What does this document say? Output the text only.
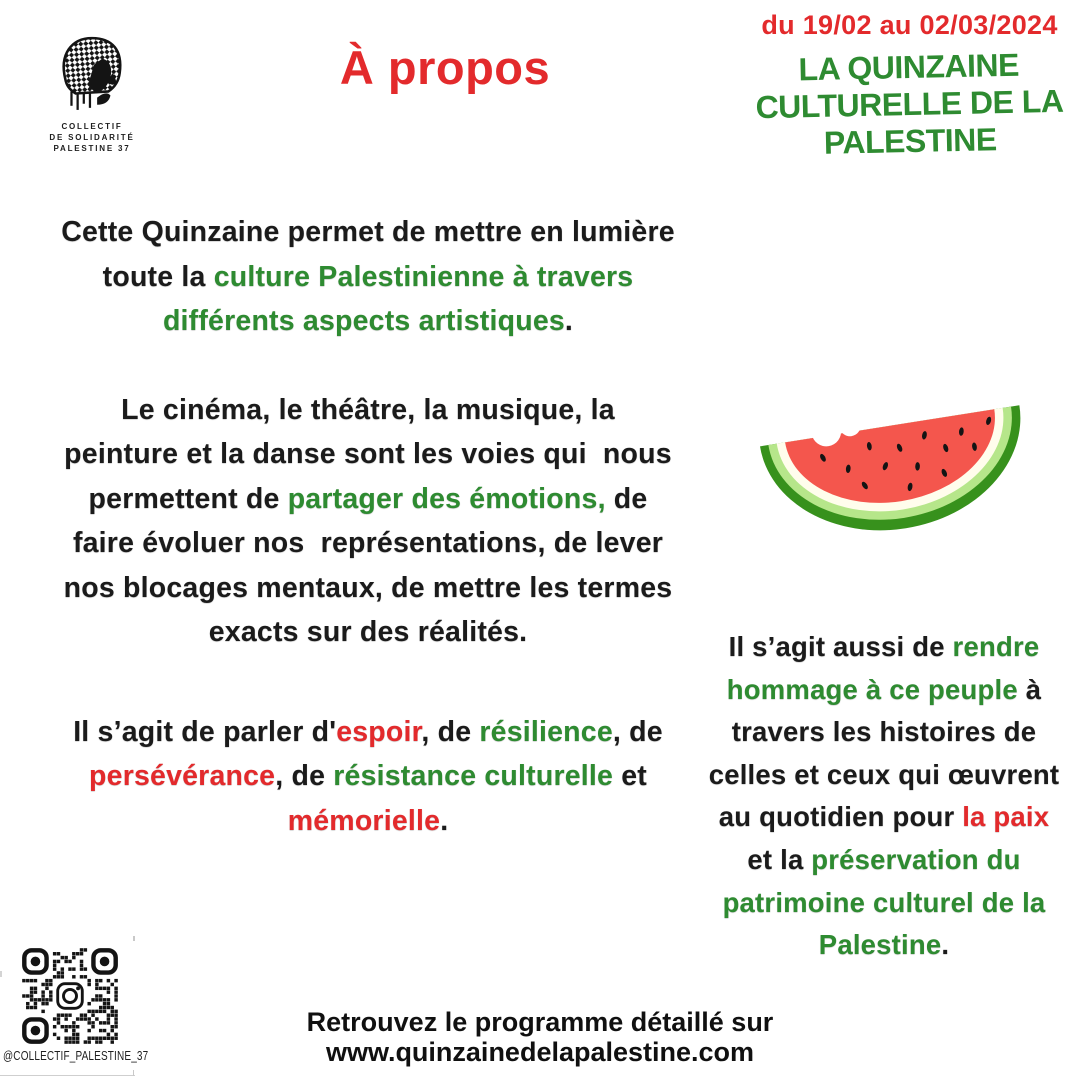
COLLECTIF
DE SOLIDARITÉ
PALESTINE 37
À propos
du 19/02 au 02/03/2024
LA QUINZAINE
CULTURELLE DE LA
PALESTINE
Cette Quinzaine permet de mettre en lumière
toute la culture Palestinienne à travers
différents aspects artistiques.
Le cinéma, le théâtre, la musique, la
peinture et la danse sont les voies qui  nous
permettent de partager des émotions, de
faire évoluer nos  représentations, de lever
nos blocages mentaux, de mettre les termes
exacts sur des réalités.
Il s’agit de parler d'espoir, de résilience, de
persévérance, de résistance culturelle et
mémorielle.
Il s’agit aussi de rendre
hommage à ce peuple à
travers les histoires de
celles et ceux qui œuvrent
au quotidien pour la paix
et la préservation du
patrimoine culturel de la
Palestine.
@COLLECTIF_PALESTINE_37
Retrouvez le programme détaillé sur
www.quinzainedelapalestine.com
